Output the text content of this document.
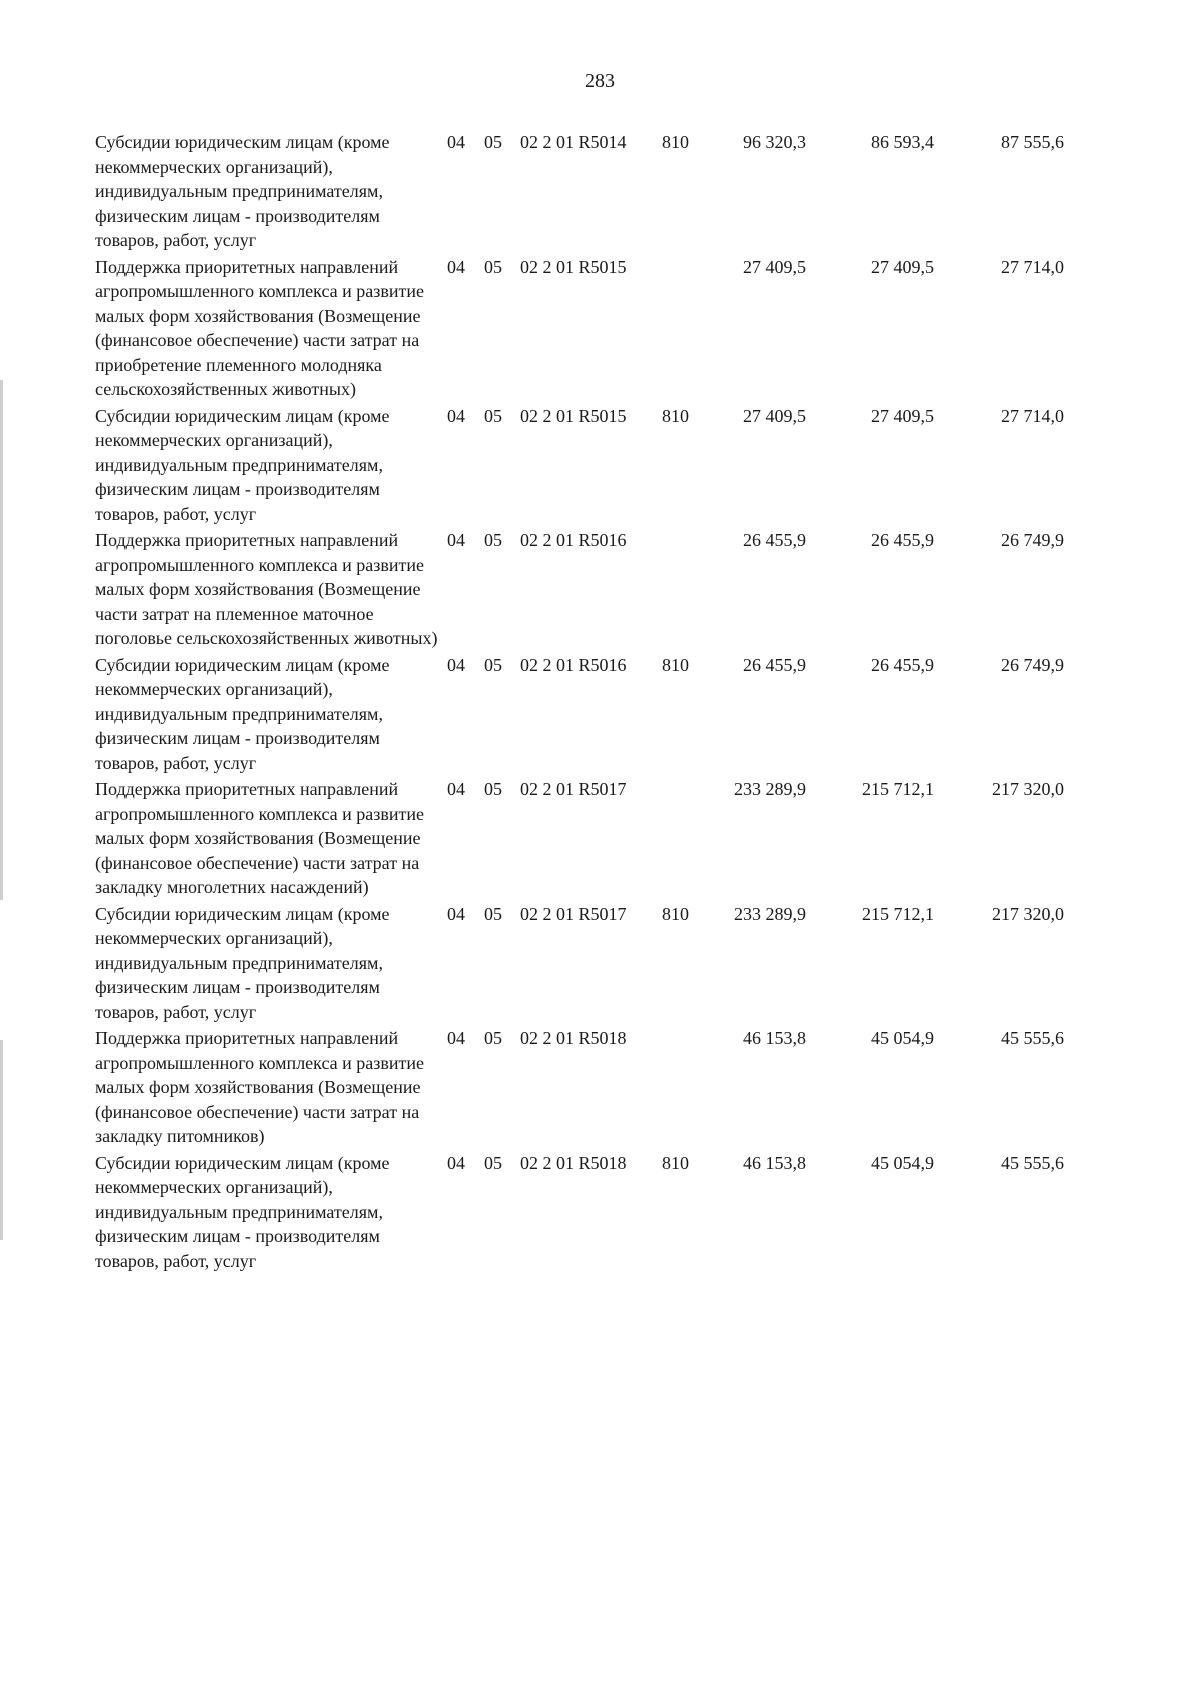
283
Субсидии юридическим лицам (кроме некоммерческих организаций), индивидуальным предпринимателям, физическим лицам - производителям товаров, работ, услуг	04	05	02 2 01 R5014	810	96 320,3	86 593,4	87 555,6
Поддержка приоритетных направлений агропромышленного комплекса и развитие малых форм хозяйствования (Возмещение (финансовое обеспечение) части затрат на приобретение племенного молодняка сельскохозяйственных животных)	04	05	02 2 01 R5015		27 409,5	27 409,5	27 714,0
Субсидии юридическим лицам (кроме некоммерческих организаций), индивидуальным предпринимателям, физическим лицам - производителям товаров, работ, услуг	04	05	02 2 01 R5015	810	27 409,5	27 409,5	27 714,0
Поддержка приоритетных направлений агропромышленного комплекса и развитие малых форм хозяйствования (Возмещение части затрат на племенное маточное поголовье сельскохозяйственных животных)	04	05	02 2 01 R5016		26 455,9	26 455,9	26 749,9
Субсидии юридическим лицам (кроме некоммерческих организаций), индивидуальным предпринимателям, физическим лицам - производителям товаров, работ, услуг	04	05	02 2 01 R5016	810	26 455,9	26 455,9	26 749,9
Поддержка приоритетных направлений агропромышленного комплекса и развитие малых форм хозяйствования (Возмещение (финансовое обеспечение) части затрат на закладку многолетних насаждений)	04	05	02 2 01 R5017		233 289,9	215 712,1	217 320,0
Субсидии юридическим лицам (кроме некоммерческих организаций), индивидуальным предпринимателям, физическим лицам - производителям товаров, работ, услуг	04	05	02 2 01 R5017	810	233 289,9	215 712,1	217 320,0
Поддержка приоритетных направлений агропромышленного комплекса и развитие малых форм хозяйствования (Возмещение (финансовое обеспечение) части затрат на закладку питомников)	04	05	02 2 01 R5018		46 153,8	45 054,9	45 555,6
Субсидии юридическим лицам (кроме некоммерческих организаций), индивидуальным предпринимателям, физическим лицам - производителям товаров, работ, услуг	04	05	02 2 01 R5018	810	46 153,8	45 054,9	45 555,6
